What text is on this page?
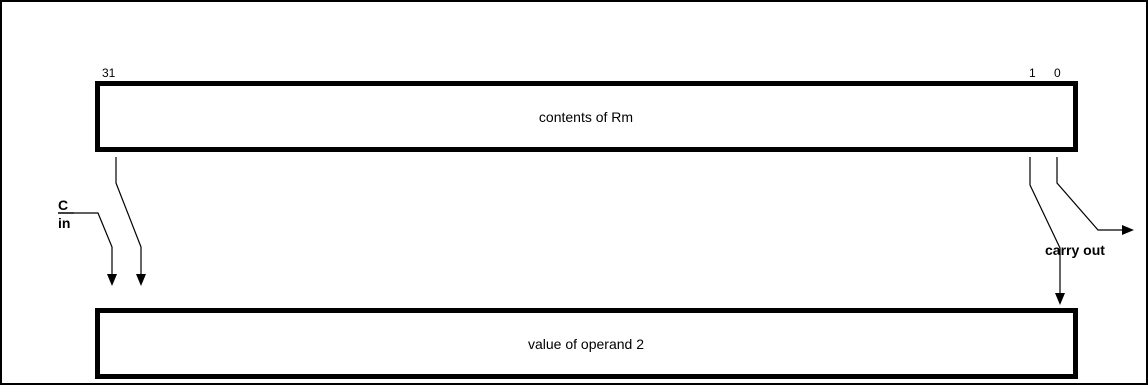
31	1 0
contents of Rm
C
in
carry out
value of operand 2
